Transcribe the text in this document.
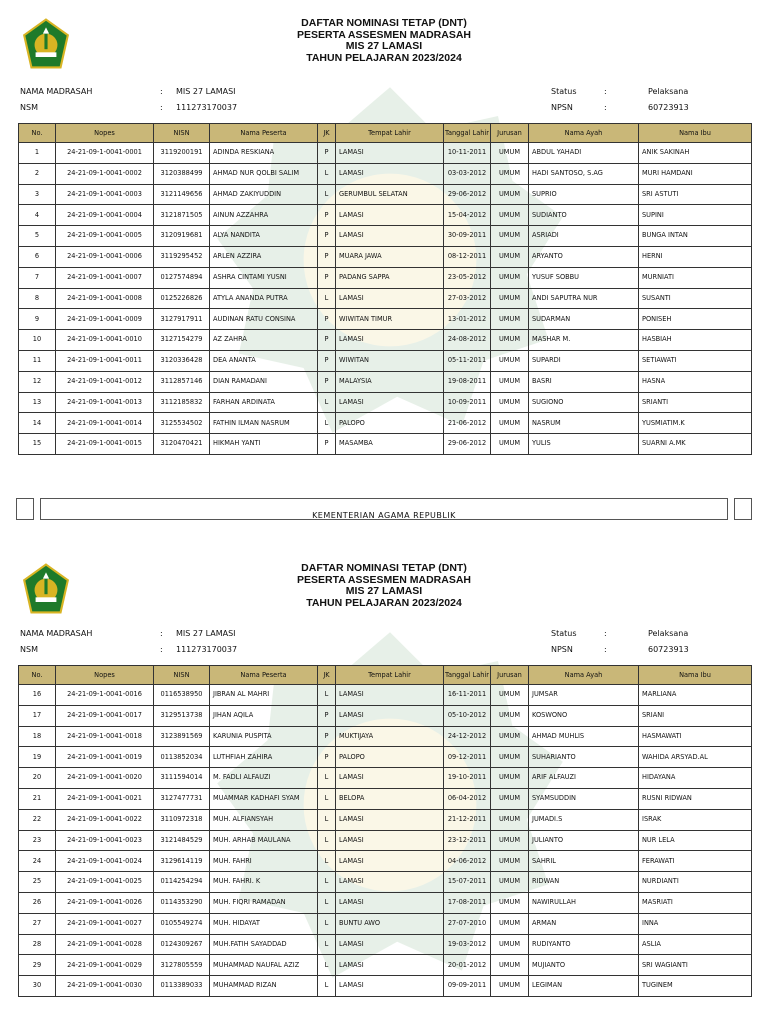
DAFTAR NOMINASI TETAP (DNT)
PESERTA ASSESMEN MADRASAH
MIS 27 LAMASI
TAHUN PELAJARAN 2023/2024
NAMA MADRASAH	: MIS 27 LAMASI
NSM	: 111273170037
Status	:	Pelaksana
NPSN	:	60723913
No.	Nopes	NISN	Nama Peserta	JK	Tempat Lahir	Tanggal Lahir	Jurusan	Nama Ayah	Nama Ibu
1	24-21-09-1-0041-0001	3119200191	ADINDA RESKIANA	P	LAMASI	10-11-2011	UMUM	ABDUL YAHADI	ANIK SAKINAH
2	24-21-09-1-0041-0002	3120388499	AHMAD NUR QOLBI SALIM	L	LAMASI	03-03-2012	UMUM	HADI SANTOSO, S.AG	MURI HAMDANI
3	24-21-09-1-0041-0003	3121149656	AHMAD ZAKIYUDDIN	L	GERUMBUL SELATAN	29-06-2012	UMUM	SUPRIO	SRI ASTUTI
4	24-21-09-1-0041-0004	3121871505	AINUN AZZAHRA	P	LAMASI	15-04-2012	UMUM	SUDIANTO	SUPINI
5	24-21-09-1-0041-0005	3120919681	ALYA NANDITA	P	LAMASI	30-09-2011	UMUM	ASRIADI	BUNGA INTAN
6	24-21-09-1-0041-0006	3119295452	ARLEN AZZIRA	P	MUARA JAWA	08-12-2011	UMUM	ARYANTO	HERNI
7	24-21-09-1-0041-0007	0127574894	ASHRA CINTAMI YUSNI	P	PADANG SAPPA	23-05-2012	UMUM	YUSUF SOBBU	MURNIATI
8	24-21-09-1-0041-0008	0125226826	ATYLA ANANDA PUTRA	L	LAMASI	27-03-2012	UMUM	ANDI SAPUTRA NUR	SUSANTI
9	24-21-09-1-0041-0009	3127917911	AUDINAN RATU CONSINA	P	WIWITAN TIMUR	13-01-2012	UMUM	SUDARMAN	PONISEH
10	24-21-09-1-0041-0010	3127154279	AZ ZAHRA	P	LAMASI	24-08-2012	UMUM	MASHAR M.	HASBIAH
11	24-21-09-1-0041-0011	3120336428	DEA ANANTA	P	WIWITAN	05-11-2011	UMUM	SUPARDI	SETIAWATI
12	24-21-09-1-0041-0012	3112857146	DIAN RAMADANI	P	MALAYSIA	19-08-2011	UMUM	BASRI	HASNA
13	24-21-09-1-0041-0013	3112185832	FARHAN ARDINATA	L	LAMASI	10-09-2011	UMUM	SUGIONO	SRIANTI
14	24-21-09-1-0041-0014	3125534502	FATHIN ILMAN NASRUM	L	PALOPO	21-06-2012	UMUM	NASRUM	YUSMIATIM.K
15	24-21-09-1-0041-0015	3120470421	HIKMAH YANTI	P	MASAMBA	29-06-2012	UMUM	YULIS	SUARNI A.MK
KEMENTERIAN AGAMA REPUBLIK
DAFTAR NOMINASI TETAP (DNT)
PESERTA ASSESMEN MADRASAH
MIS 27 LAMASI
TAHUN PELAJARAN 2023/2024
NAMA MADRASAH	: MIS 27 LAMASI
NSM	: 111273170037
Status	:	Pelaksana
NPSN	:	60723913
No.	Nopes	NISN	Nama Peserta	JK	Tempat Lahir	Tanggal Lahir	Jurusan	Nama Ayah	Nama Ibu
16	24-21-09-1-0041-0016	0116538950	JIBRAN AL MAHRI	L	LAMASI	16-11-2011	UMUM	JUMSAR	MARLIANA
17	24-21-09-1-0041-0017	3129513738	JIHAN AQILA	P	LAMASI	05-10-2012	UMUM	KOSWONO	SRIANI
18	24-21-09-1-0041-0018	3123891569	KARUNIA PUSPITA	P	MUKTIJAYA	24-12-2012	UMUM	AHMAD MUHLIS	HASMAWATI
19	24-21-09-1-0041-0019	0113852034	LUTHFIAH ZAHIRA	P	PALOPO	09-12-2011	UMUM	SUHARIANTO	WAHIDA ARSYAD.AL
20	24-21-09-1-0041-0020	3111594014	M. FADLI ALFAUZI	L	LAMASI	19-10-2011	UMUM	ARIF ALFAUZI	HIDAYANA
21	24-21-09-1-0041-0021	3127477731	MUAMMAR KADHAFI SYAM	L	BELOPA	06-04-2012	UMUM	SYAMSUDDIN	RUSNI RIDWAN
22	24-21-09-1-0041-0022	3110972318	MUH. ALFIANSYAH	L	LAMASI	21-12-2011	UMUM	JUMADI.S	ISRAK
23	24-21-09-1-0041-0023	3121484529	MUH. ARHAB MAULANA	L	LAMASI	23-12-2011	UMUM	JULIANTO	NUR LELA
24	24-21-09-1-0041-0024	3129614119	MUH. FAHRI	L	LAMASI	04-06-2012	UMUM	SAHRIL	FERAWATI
25	24-21-09-1-0041-0025	0114254294	MUH. FAHRI. K	L	LAMASI	15-07-2011	UMUM	RIDWAN	NURDIANTI
26	24-21-09-1-0041-0026	0114353290	MUH. FIQRI RAMADAN	L	LAMASI	17-08-2011	UMUM	NAWIRULLAH	MASRIATI
27	24-21-09-1-0041-0027	0105549274	MUH. HIDAYAT	L	BUNTU AWO	27-07-2010	UMUM	ARMAN	INNA
28	24-21-09-1-0041-0028	0124309267	MUH.FATIH SAYADDAD	L	LAMASI	19-03-2012	UMUM	RUDIYANTO	ASLIA
29	24-21-09-1-0041-0029	3127805559	MUHAMMAD NAUFAL AZIZ	L	LAMASI	20-01-2012	UMUM	MUJIANTO	SRI WAGIANTI
30	24-21-09-1-0041-0030	0113389033	MUHAMMAD RIZAN	L	LAMASI	09-09-2011	UMUM	LEGIMAN	TUGINEM
